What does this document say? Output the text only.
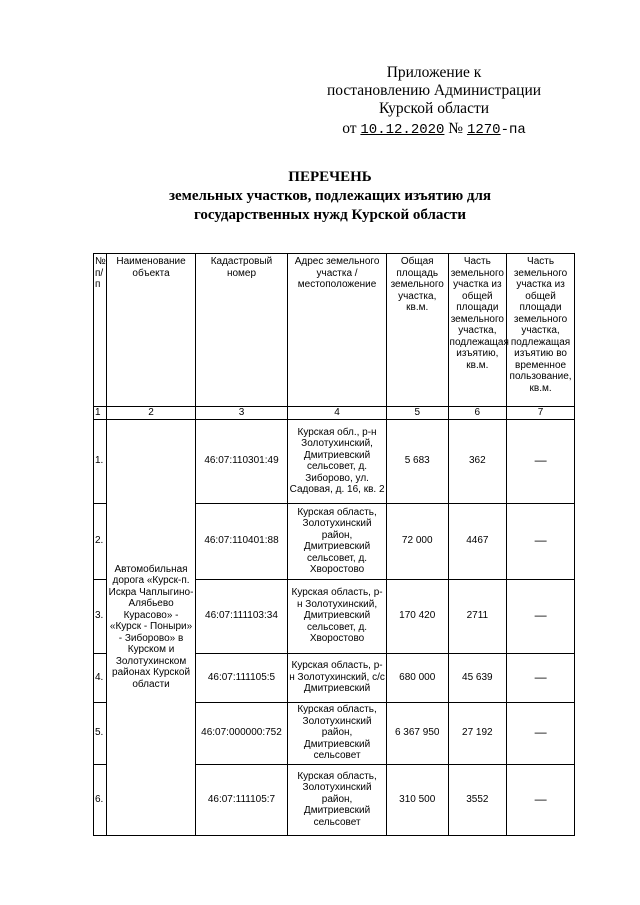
Приложение к
постановлению Администрации
Курской области
от 10.12.2020 № 1270-па
ПЕРЕЧЕНЬ
земельных участков, подлежащих изъятию для
государственных нужд Курской области
№ п/п	Наименование объекта	Кадастровый номер	Адрес земельного участка /местоположение	Общая площадь земельного участка, кв.м.	Часть земельного участка из общей площади земельного участка, подлежащая изъятию, кв.м.	Часть земельного участка из общей площади земельного участка, подлежащая изъятию во временное пользование, кв.м.
1	2	3	4	5	6	7
1.	Автомобильная дорога «Курск-п. Искра Чаплыгино-Алябьево Курасово» - «Курск - Поныри» - Зиборово» в Курском и Золотухинском районах Курской области	46:07:110301:49	Курская обл., р-н Золотухинский, Дмитриевский сельсовет, д. Зиборово, ул. Садовая, д. 16, кв. 2	5 683	362	—
2.		46:07:110401:88	Курская область, Золотухинский район, Дмитриевский сельсовет, д. Хворостово	72 000	4467	—
3.		46:07:111103:34	Курская область, р-н Золотухинский, Дмитриевский сельсовет, д. Хворостово	170 420	2711	—
4.		46:07:111105:5	Курская область, р-н Золотухинский, с/с Дмитриевский	680 000	45 639	—
5.		46:07:000000:752	Курская область, Золотухинский район, Дмитриевский сельсовет	6 367 950	27 192	—
6.		46:07:111105:7	Курская область, Золотухинский район, Дмитриевский сельсовет	310 500	3552	—
